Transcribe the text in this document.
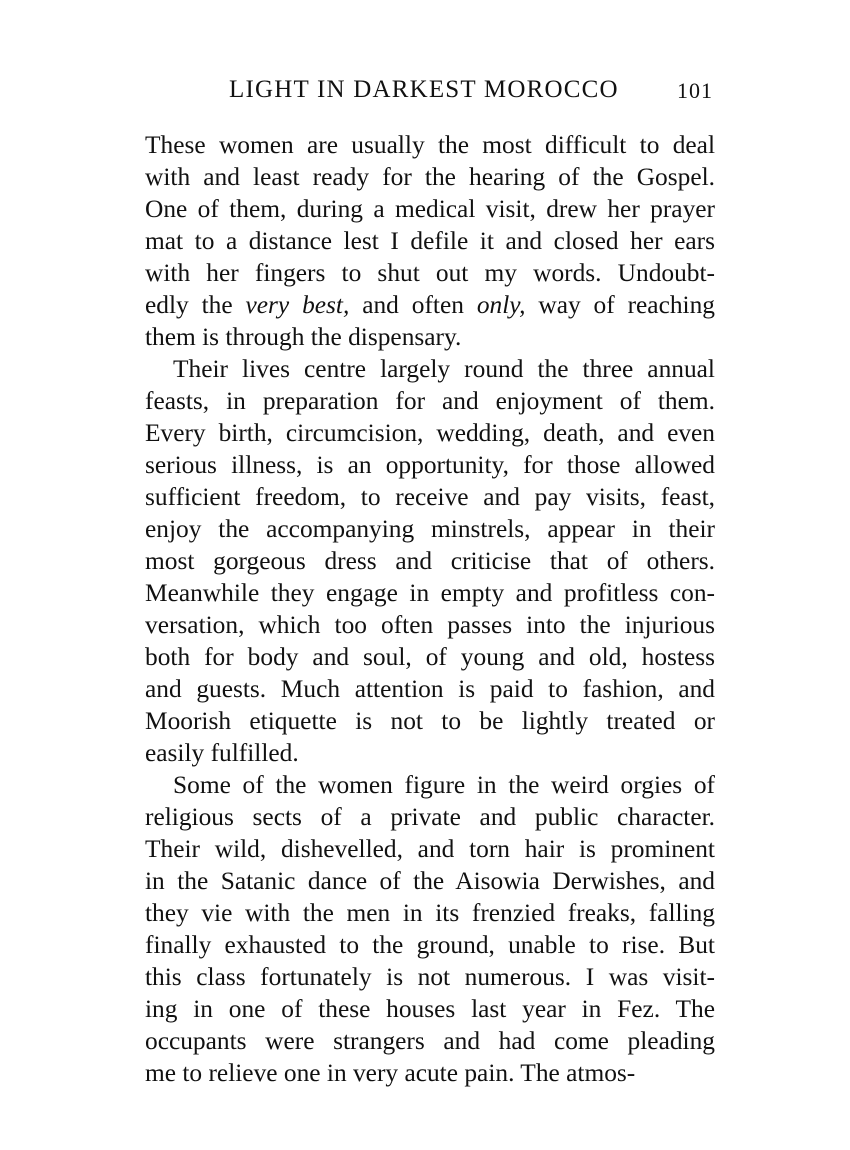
LIGHT IN DARKEST MOROCCO	101
These women are usually the most difficult to deal
with and least ready for the hearing of the Gospel.
One of them, during a medical visit, drew her prayer
mat to a distance lest I defile it and closed her ears
with her fingers to shut out my words. Undoubt-
edly the very best, and often only, way of reaching
them is through the dispensary.
Their lives centre largely round the three annual
feasts, in preparation for and enjoyment of them.
Every birth, circumcision, wedding, death, and even
serious illness, is an opportunity, for those allowed
sufficient freedom, to receive and pay visits, feast,
enjoy the accompanying minstrels, appear in their
most gorgeous dress and criticise that of others.
Meanwhile they engage in empty and profitless con-
versation, which too often passes into the injurious
both for body and soul, of young and old, hostess
and guests. Much attention is paid to fashion, and
Moorish etiquette is not to be lightly treated or
easily fulfilled.
Some of the women figure in the weird orgies of
religious sects of a private and public character.
Their wild, dishevelled, and torn hair is prominent
in the Satanic dance of the Aisowia Derwishes, and
they vie with the men in its frenzied freaks, falling
finally exhausted to the ground, unable to rise. But
this class fortunately is not numerous. I was visit-
ing in one of these houses last year in Fez. The
occupants were strangers and had come pleading
me to relieve one in very acute pain. The atmos-
